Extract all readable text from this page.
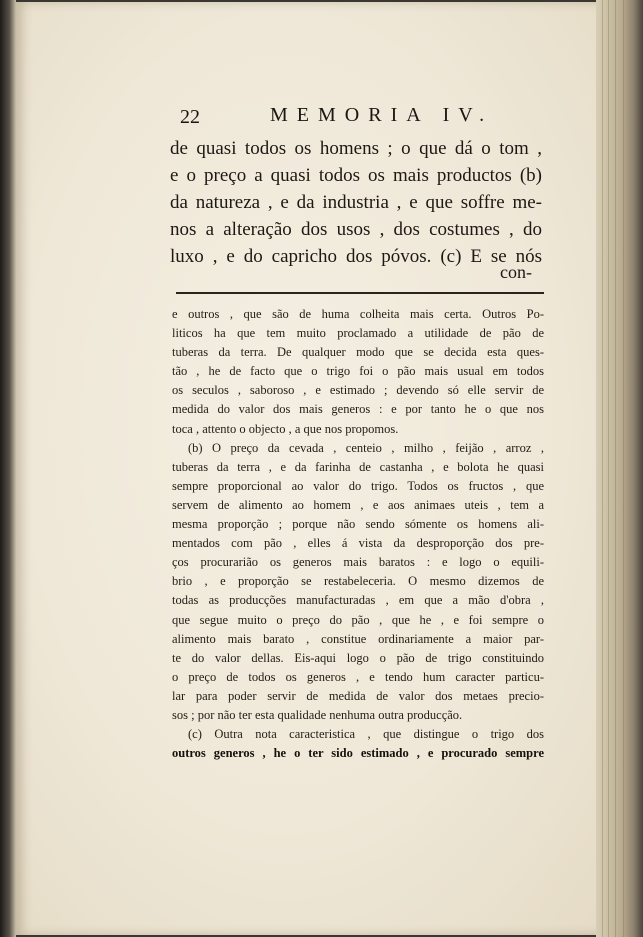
22	MEMORIA IV.
de quasi todos os homens ; o que dá o tom ,
e o preço a quasi todos os mais productos (b)
da natureza , e da industria , e que soffre me-
nos a alteração dos usos , dos costumes , do
luxo , e do capricho dos póvos. (c) E se nós
con-
e outros , que são de huma colheita mais certa. Outros Po-
liticos ha que tem muito proclamado a utilidade de pão de
tuberas da terra. De qualquer modo que se decida esta ques-
tão , he de facto que o trigo foi o pão mais usual em todos
os seculos , saboroso , e estimado ; devendo só elle servir de
medida do valor dos mais generos : e por tanto he o que nos
toca , attento o objecto , a que nos propomos.
(b) O preço da cevada , centeio , milho , feijão , arroz ,
tuberas da terra , e da farinha de castanha , e bolota he quasi
sempre proporcional ao valor do trigo. Todos os fructos , que
servem de alimento ao homem , e aos animaes uteis , tem a
mesma proporção ; porque não sendo sómente os homens ali-
mentados com pão , elles á vista da desproporção dos pre-
ços procurarião os generos mais baratos : e logo o equili-
brio , e proporção se restabeleceria. O mesmo dizemos de
todas as producções manufacturadas , em que a mão d'obra ,
que segue muito o preço do pão , que he , e foi sempre o
alimento mais barato , constitue ordinariamente a maior par-
te do valor dellas. Eis-aqui logo o pão de trigo constituindo
o preço de todos os generos , e tendo hum caracter particu-
lar para poder servir de medida de valor dos metaes precio-
sos ; por não ter esta qualidade nenhuma outra producção.
(c) Outra nota caracteristica , que distingue o trigo dos
outros generos , he o ter sido estimado , e procurado sempre
